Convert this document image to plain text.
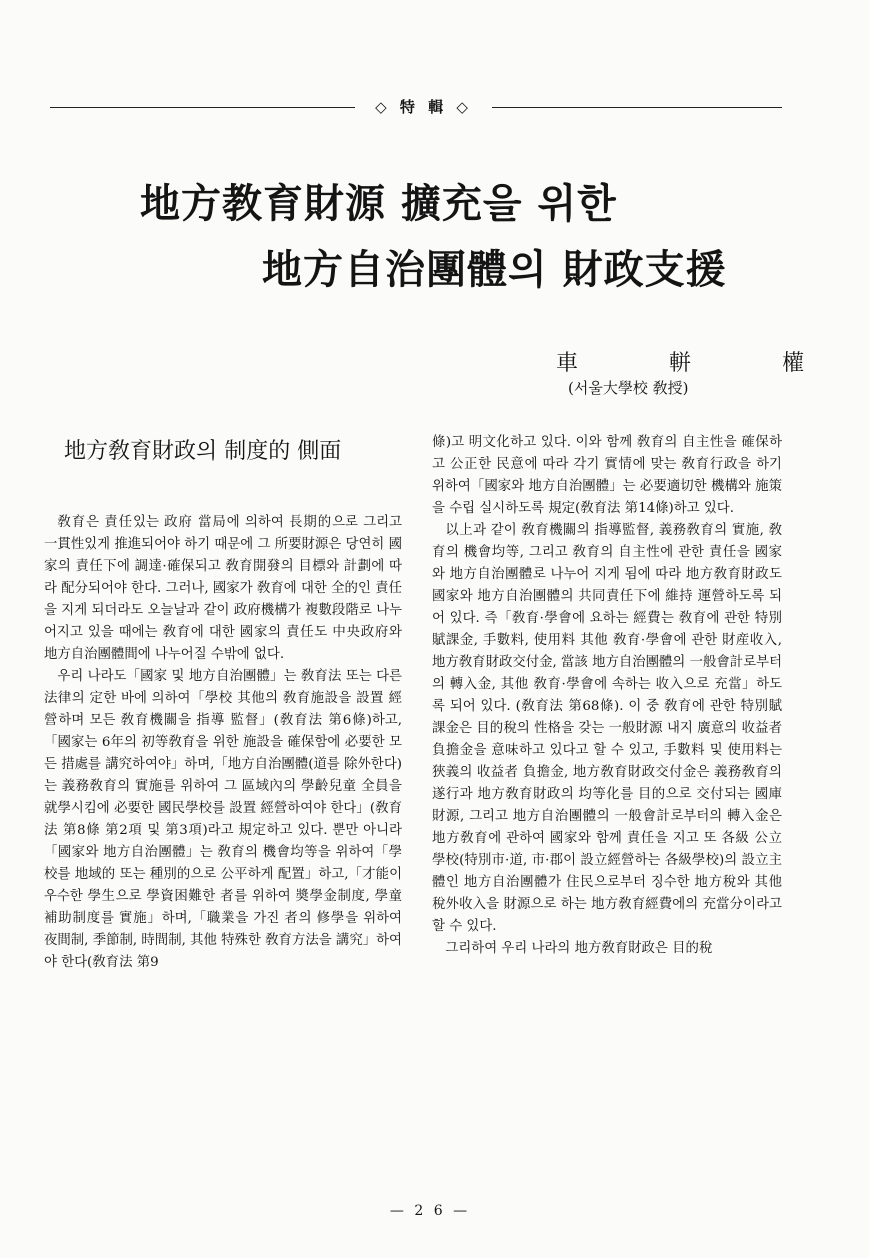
◇ 特 輯 ◇
地方教育財源 擴充을 위한
地方自治團體의 財政支援
車 軿 權
(서울大學校 敎授)
地方敎育財政의 制度的 側面

敎育은 責任있는 政府 當局에 의하여 長期的으로 그리고 一貫性있게 推進되어야 하기 때문에 그 所要財源은 당연히 國家의 責任下에 調達·確保되고 敎育開發의 目標와 計劃에 따라 配分되어야 한다. 그러나, 國家가 敎育에 대한 全的인 責任을 지게 되더라도 오늘날과 같이 政府機構가 複數段階로 나누어지고 있을 때에는 敎育에 대한 國家의 責任도 中央政府와 地方自治團體間에 나누어질 수밖에 없다.

우리 나라도「國家 및 地方自治團體」는 敎育法 또는 다른 法律의 定한 바에 의하여「學校 其他의 敎育施設을 設置 經營하며 모든 敎育機關을 指導 監督」(敎育法 第6條)하고,「國家는 6年의 初等敎育을 위한 施設을 確保함에 必要한 모든 措處를 講究하여야」하며,「地方自治團體(道를 除外한다)는 義務敎育의 實施를 위하여 그 區域內의 學齡兒童 全員을 就學시킴에 必要한 國民學校를 設置 經營하여야 한다」(敎育法 第8條 第2項 및 第3項)라고 規定하고 있다. 뿐만 아니라「國家와 地方自治團體」는 敎育의 機會均等을 위하여「學校를 地域的 또는 種別的으로 公平하게 配置」하고,「才能이 우수한 學生으로 學資困難한 者를 위하여 奬學金制度, 學童補助制度를 實施」하며,「職業을 가진 者의 修學을 위하여 夜間制, 季節制, 時間制, 其他 特殊한 敎育方法을 講究」하여야 한다(敎育法 第9

條)고 明文化하고 있다. 이와 함께 敎育의 自主性을 確保하고 公正한 民意에 따라 각기 實情에 맞는 敎育行政을 하기 위하여「國家와 地方自治團體」는 必要適切한 機構와 施策을 수립 실시하도록 規定(敎育法 第14條)하고 있다.

以上과 같이 敎育機關의 指導監督, 義務敎育의 實施, 敎育의 機會均等, 그리고 敎育의 自主性에 관한 責任을 國家와 地方自治團體로 나누어 지게 됨에 따라 地方敎育財政도 國家와 地方自治團體의 共同責任下에 維持 運營하도록 되어 있다. 즉「敎育·學會에 요하는 經費는 敎育에 관한 特別賦課金, 手數料, 使用料 其他 敎育·學會에 관한 財産收入, 地方敎育財政交付金, 當該 地方自治團體의 一般會計로부터의 轉入金, 其他 敎育·學會에 속하는 收入으로 充當」하도록 되어 있다. (敎育法 第68條). 이 중 敎育에 관한 特別賦課金은 目的稅의 性格을 갖는 一般財源 내지 廣意의 收益者 負擔金을 意味하고 있다고 할 수 있고, 手數料 및 使用料는 狹義의 收益者 負擔金, 地方敎育財政交付金은 義務敎育의 遂行과 地方敎育財政의 均等化를 目的으로 交付되는 國庫財源, 그리고 地方自治團體의 一般會計로부터의 轉入金은 地方敎育에 관하여 國家와 함께 責任을 지고 또 各級 公立學校(特別市·道, 市·郡이 設立經營하는 各級學校)의 設立主體인 地方自治團體가 住民으로부터 징수한 地方稅와 其他 稅外收入을 財源으로 하는 地方敎育經費에의 充當分이라고 할 수 있다.

그리하여 우리 나라의 地方敎育財政은 目的稅

— 2 6 —
